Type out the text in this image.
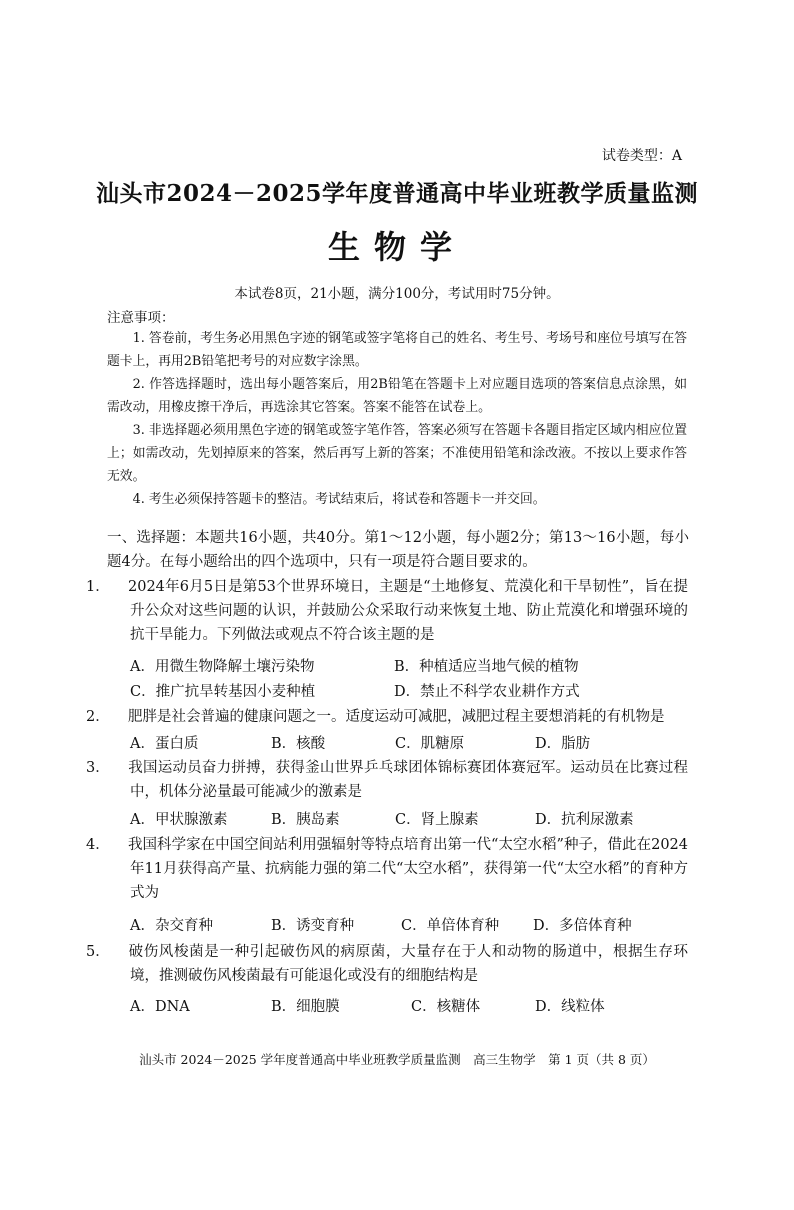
试卷类型：A
汕头市2024－2025学年度普通高中毕业班教学质量监测
生物学
本试卷8页，21小题，满分100分，考试用时75分钟。
注意事项：
1. 答卷前，考生务必用黑色字迹的钢笔或签字笔将自己的姓名、考生号、考场号和座位号填写在答题卡上，再用2B铅笔把考号的对应数字涂黑。
2. 作答选择题时，选出每小题答案后，用2B铅笔在答题卡上对应题目选项的答案信息点涂黑，如需改动，用橡皮擦干净后，再选涂其它答案。答案不能答在试卷上。
3. 非选择题必须用黑色字迹的钢笔或签字笔作答，答案必须写在答题卡各题目指定区域内相应位置上；如需改动，先划掉原来的答案，然后再写上新的答案；不准使用铅笔和涂改液。不按以上要求作答无效。
4. 考生必须保持答题卡的整洁。考试结束后，将试卷和答题卡一并交回。
一、选择题：本题共16小题，共40分。第1～12小题，每小题2分；第13～16小题，每小题4分。在每小题给出的四个选项中，只有一项是符合题目要求的。
1． 2024年6月5日是第53个世界环境日，主题是“土地修复、荒漠化和干旱韧性”，旨在提升公众对这些问题的认识，并鼓励公众采取行动来恢复土地、防止荒漠化和增强环境的抗干旱能力。下列做法或观点不符合该主题的是
A．用微生物降解土壤污染物	B．种植适应当地气候的植物
C．推广抗旱转基因小麦种植	D．禁止不科学农业耕作方式
2． 肥胖是社会普遍的健康问题之一。适度运动可减肥，减肥过程主要想消耗的有机物是
A．蛋白质	B．核酸	C．肌糖原	D．脂肪
3． 我国运动员奋力拼搏，获得釜山世界乒乓球团体锦标赛团体赛冠军。运动员在比赛过程中，机体分泌量最可能减少的激素是
A．甲状腺激素	B．胰岛素	C．肾上腺素	D．抗利尿激素
4． 我国科学家在中国空间站利用强辐射等特点培育出第一代“太空水稻”种子，借此在2024年11月获得高产量、抗病能力强的第二代“太空水稻”，获得第一代“太空水稻”的育种方式为
A．杂交育种	B．诱变育种	C．单倍体育种	D．多倍体育种
5． 破伤风梭菌是一种引起破伤风的病原菌，大量存在于人和动物的肠道中，根据生存环境，推测破伤风梭菌最有可能退化或没有的细胞结构是
A．DNA	B．细胞膜	C．核糖体	D．线粒体
汕头市 2024－2025 学年度普通高中毕业班教学质量监测　高三生物学　第 1 页（共 8 页）
